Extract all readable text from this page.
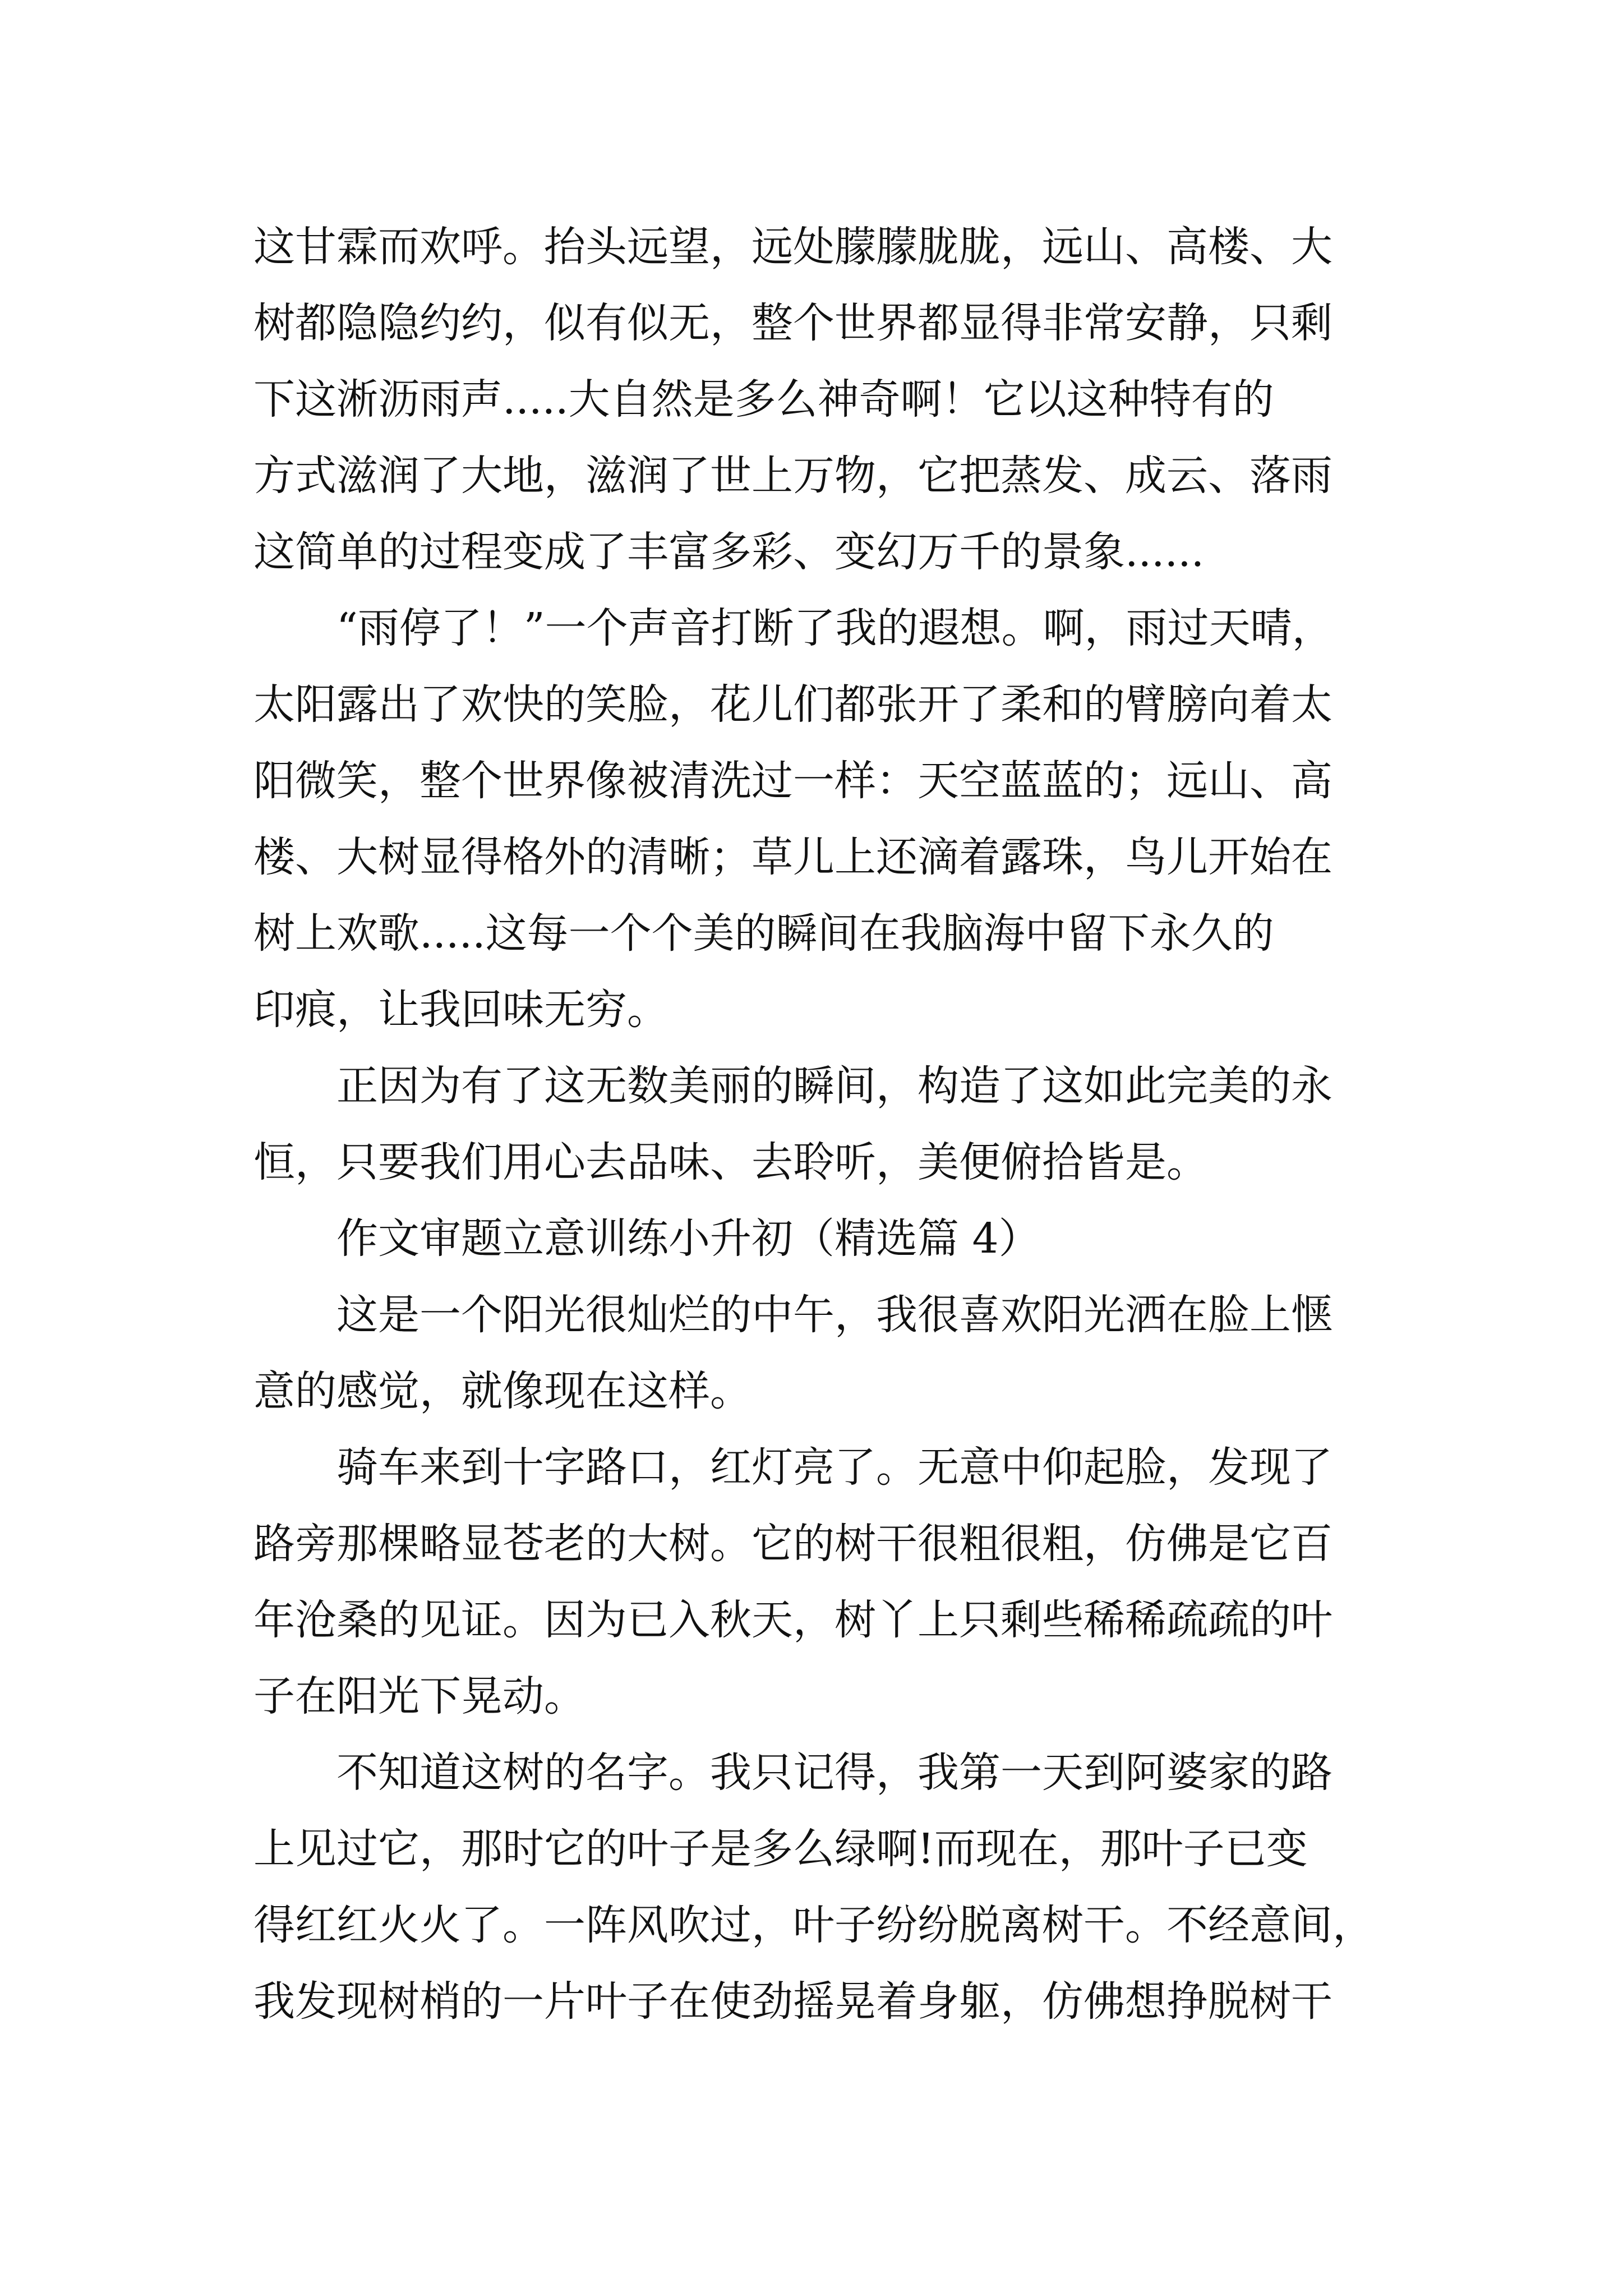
这甘霖而欢呼。抬头远望，远处朦朦胧胧，远山、高楼、大
树都隐隐约约，似有似无，整个世界都显得非常安静，只剩
下这淅沥雨声.....大自然是多么神奇啊！它以这种特有的
方式滋润了大地，滋润了世上万物，它把蒸发、成云、落雨
这简单的过程变成了丰富多彩、变幻万千的景象......
“雨停了！”一个声音打断了我的遐想。啊，雨过天晴，
太阳露出了欢快的笑脸，花儿们都张开了柔和的臂膀向着太
阳微笑，整个世界像被清洗过一样：天空蓝蓝的；远山、高
楼、大树显得格外的清晰；草儿上还滴着露珠，鸟儿开始在
树上欢歌.....这每一个个美的瞬间在我脑海中留下永久的
印痕，让我回味无穷。
正因为有了这无数美丽的瞬间，构造了这如此完美的永
恒，只要我们用心去品味、去聆听，美便俯拾皆是。
作文审题立意训练小升初（精选篇 4）
这是一个阳光很灿烂的中午，我很喜欢阳光洒在脸上惬
意的感觉，就像现在这样。
骑车来到十字路口，红灯亮了。无意中仰起脸，发现了
路旁那棵略显苍老的大树。它的树干很粗很粗，仿佛是它百
年沧桑的见证。因为已入秋天，树丫上只剩些稀稀疏疏的叶
子在阳光下晃动。
不知道这树的名字。我只记得，我第一天到阿婆家的路
上见过它，那时它的叶子是多么绿啊!而现在，那叶子已变
得红红火火了。一阵风吹过，叶子纷纷脱离树干。不经意间，
我发现树梢的一片叶子在使劲摇晃着身躯，仿佛想挣脱树干
